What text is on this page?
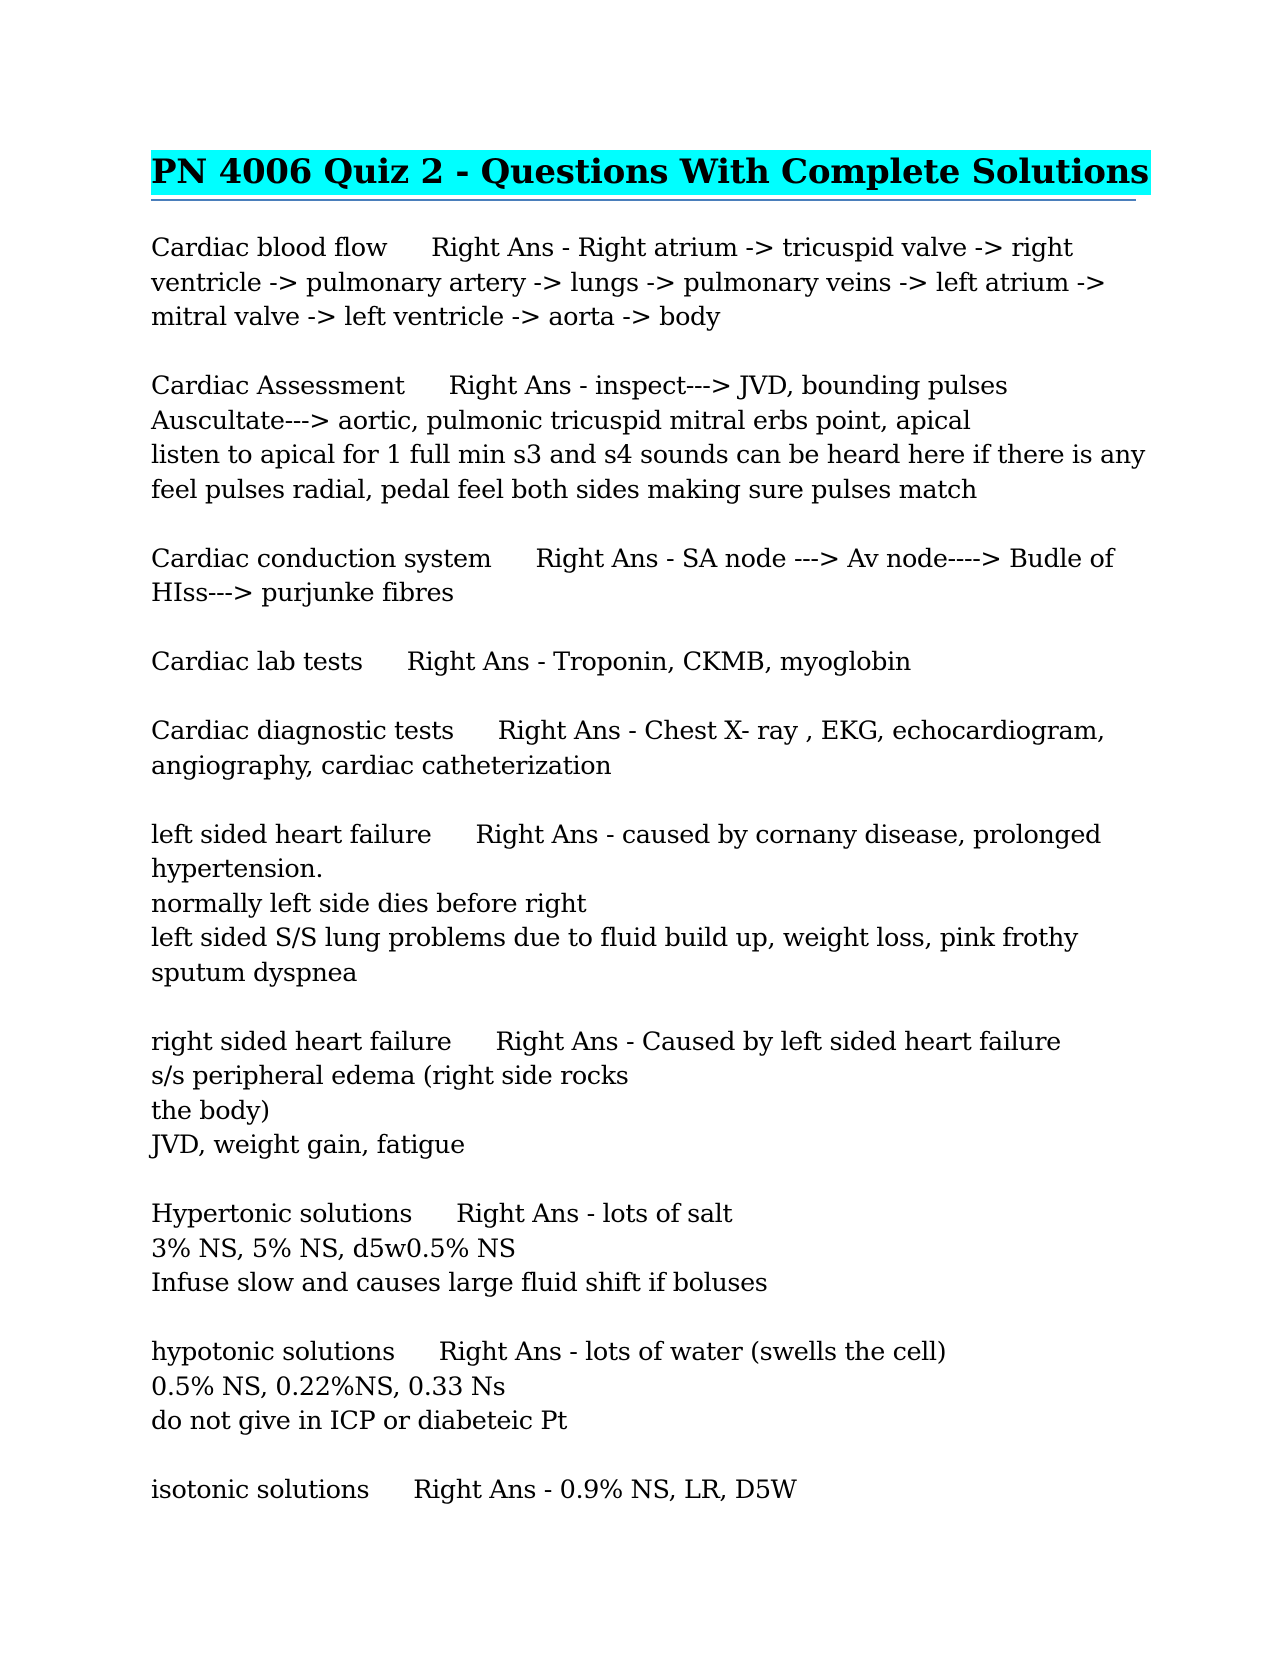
PN 4006 Quiz 2 - Questions With Complete Solutions
Cardiac blood flow Right Ans - Right atrium -> tricuspid valve -> right
ventricle -> pulmonary artery -> lungs -> pulmonary veins -> left atrium ->
mitral valve -> left ventricle -> aorta -> body
Cardiac Assessment Right Ans - inspect---> JVD, bounding pulses
Auscultate---> aortic, pulmonic tricuspid mitral erbs point, apical
listen to apical for 1 full min s3 and s4 sounds can be heard here if there is any
feel pulses radial, pedal feel both sides making sure pulses match
Cardiac conduction system Right Ans - SA node ---> Av node----> Budle of
HIss---> purjunke fibres
Cardiac lab tests Right Ans - Troponin, CKMB, myoglobin
Cardiac diagnostic tests Right Ans - Chest X- ray , EKG, echocardiogram,
angiography, cardiac catheterization
left sided heart failure Right Ans - caused by cornany disease, prolonged
hypertension.
normally left side dies before right
left sided S/S lung problems due to fluid build up, weight loss, pink frothy
sputum dyspnea
right sided heart failure Right Ans - Caused by left sided heart failure
s/s peripheral edema (right side rocks
the body)
JVD, weight gain, fatigue
Hypertonic solutions Right Ans - lots of salt
3% NS, 5% NS, d5w0.5% NS
Infuse slow and causes large fluid shift if boluses
hypotonic solutions Right Ans - lots of water (swells the cell)
0.5% NS, 0.22%NS, 0.33 Ns
do not give in ICP or diabeteic Pt
isotonic solutions Right Ans - 0.9% NS, LR, D5W
